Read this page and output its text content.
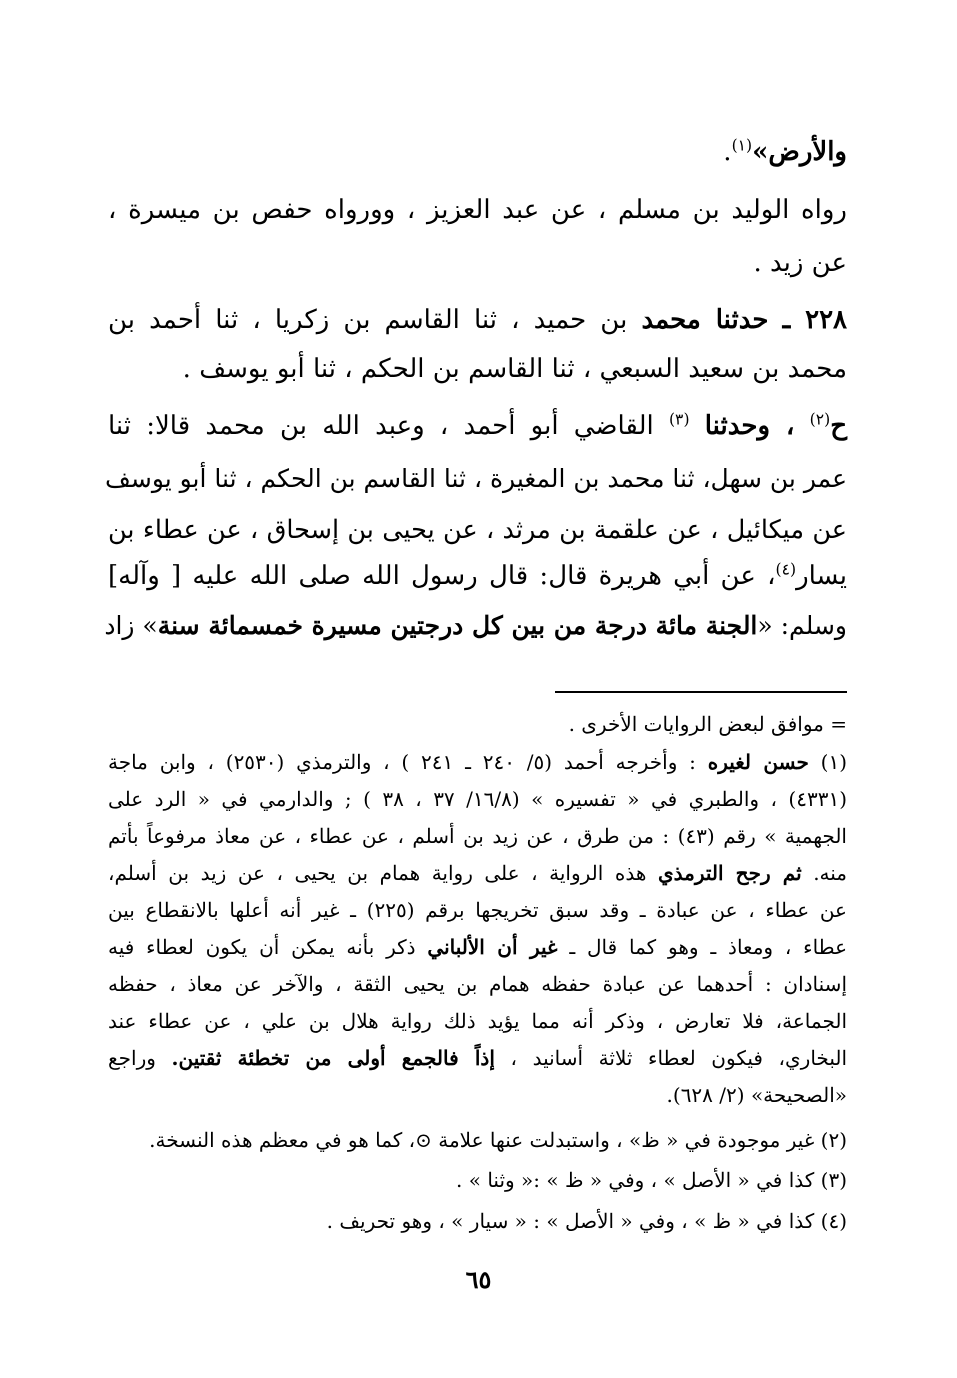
والأرض»$^{(١)}$.
رواه الوليد بن مسلم ، عن عبد العزيز ، وورواه حفص بن ميسرة ،
عن زيد .
٢٢٨ ـ حدثنا محمد بن حميد ، ثنا القاسم بن زكريا ، ثنا أحمد بن
محمد بن سعيد السبعي ، ثنا القاسم بن الحكم ، ثنا أبو يوسف .
ح$^{(٢)}$ ، وحدثنا $^{(٣)}$ القاضي أبو أحمد ، وعبد الله بن محمد قالا: ثنا
عمر بن سهل، ثنا محمد بن المغيرة ، ثنا القاسم بن الحكم ، ثنا أبو يوسف
عن ميكائيل ، عن علقمة بن مرثد ، عن يحيى بن إسحاق ، عن عطاء بن
يسار$^{(٤)}$، عن أبي هريرة قال: قال رسول الله صلى الله عليه [ وآله]
وسلم: «الجنة مائة درجة من بين كل درجتين مسيرة خمسمائة سنة» زاد
= موافق لبعض الروايات الأخرى .
(١) حسن لغيره : وأخرجه أحمد (٥/ ٢٤٠ ـ ٢٤١ ) ، والترمذي (٢٥٣٠) ، وابن ماجة
(٤٣٣١) ، والطبري في « تفسيره » (١٦/٨/ ٣٧ ، ٣٨ ) ; والدارمي في « الرد على
الجهمية » رقم (٤٣) : من طرق ، عن زيد بن أسلم ، عن عطاء ، عن معاذ مرفوعاً بأتم
منه. ثم رجح الترمذي هذه الرواية ، على رواية همام بن يحيى ، عن زيد بن أسلم،
عن عطاء ، عن عبادة ـ وقد سبق تخريجها برقم (٢٢٥) ـ غير أنه أعلها بالانقطاع بين
عطاء ، ومعاذ ـ وهو كما قال ـ غير أن الألباني ذكر بأنه يمكن أن يكون لعطاء فيه
إسنادان : أحدهما عن عبادة حفظه همام بن يحيى الثقة ، والآخر عن معاذ ، حفظه
الجماعة، فلا تعارض ، وذكر أنه مما يؤيد ذلك رواية هلال بن علي ، عن عطاء عند
البخاري، فيكون لعطاء ثلاثة أسانيد ، إذاً فالجمع أولى من تخطئة ثقتين. وراجع
«الصحيحة» (٢/ ٦٢٨).
(٢) غير موجودة في « ظ» ، واستبدلت عنها علامة ⊙، كما هو في معظم هذه النسخة.
(٣) كذا في « الأصل » ، وفي « ظ » :« وثنا » .
(٤) كذا في « ظ » ، وفي « الأصل » : « سيار » ، وهو تحريف .
٦٥
